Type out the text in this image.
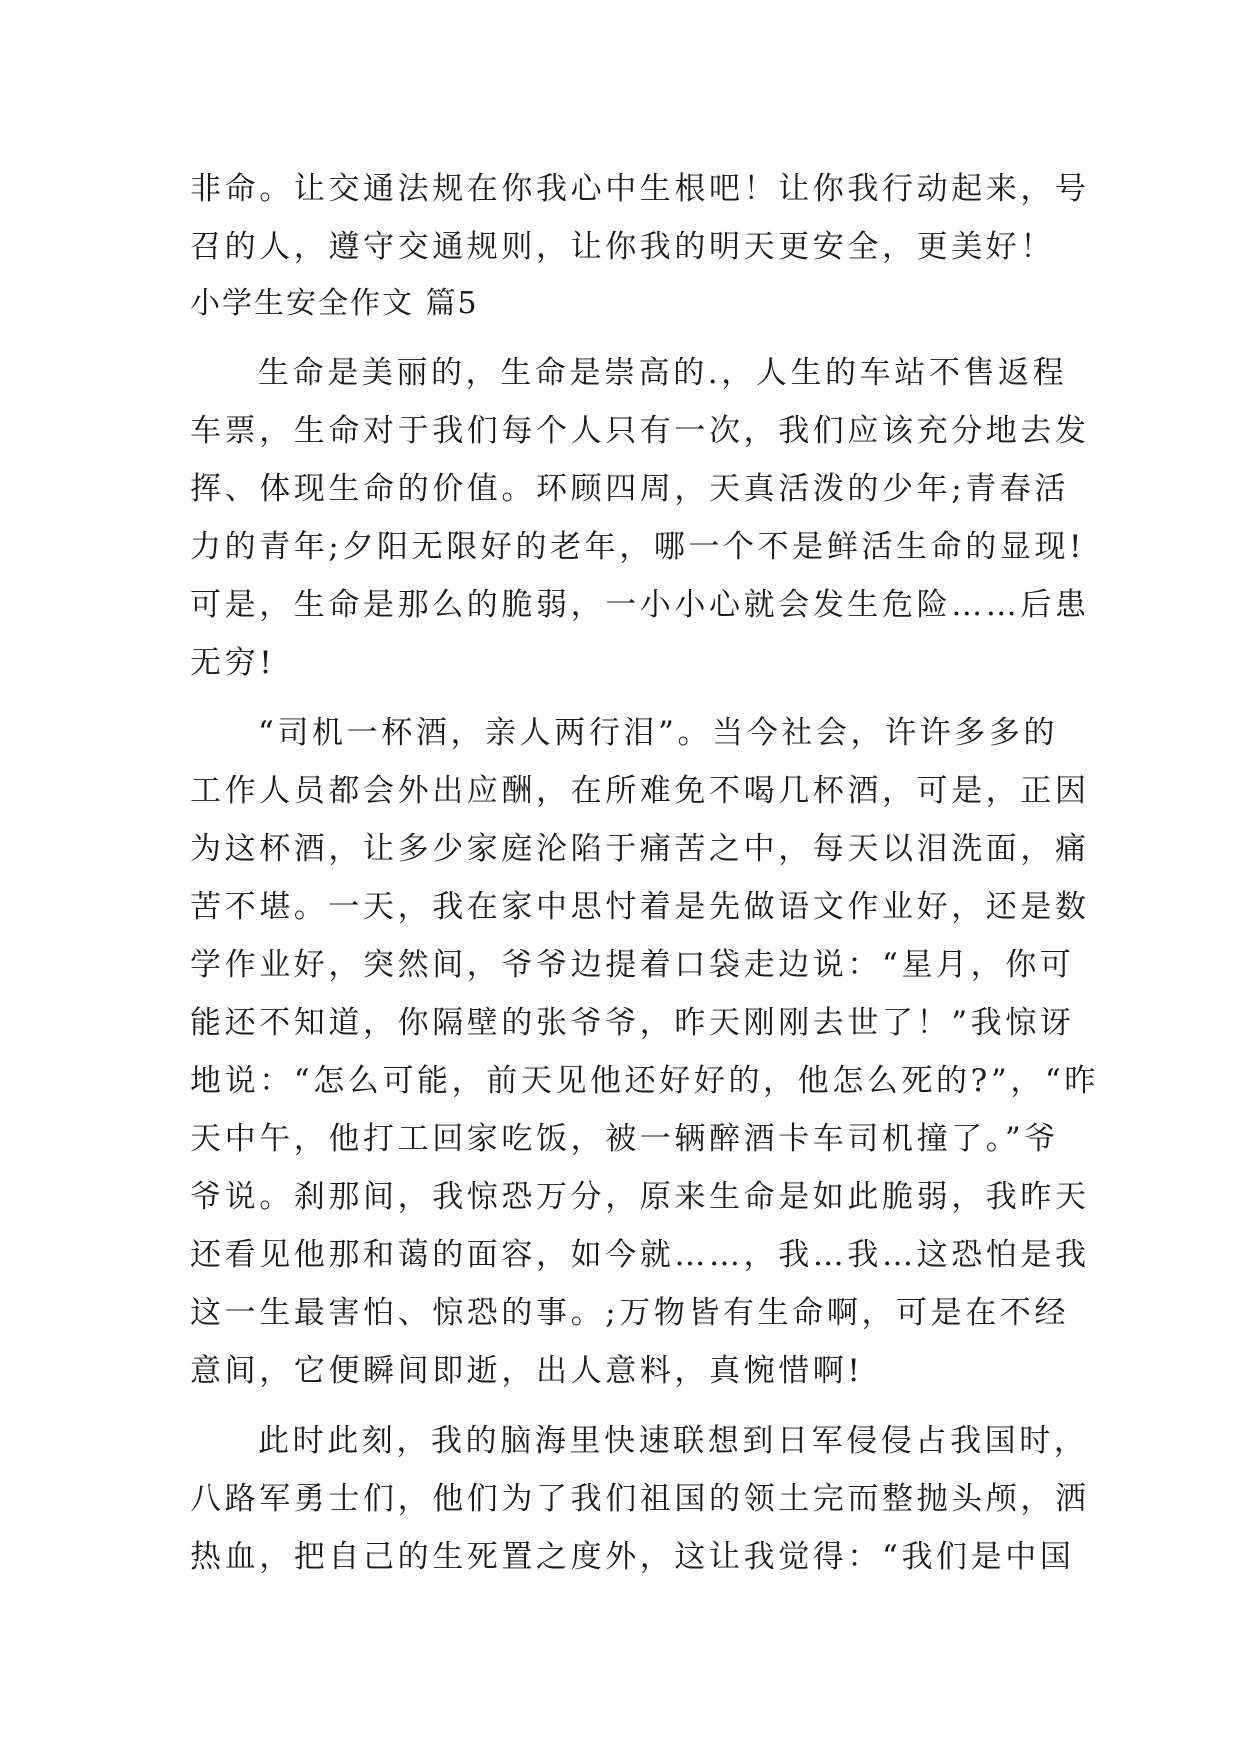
非命。让交通法规在你我心中生根吧！让你我行动起来，号
召的人，遵守交通规则，让你我的明天更安全，更美好！
小学生安全作文 篇5
生命是美丽的，生命是崇高的.，人生的车站不售返程
车票，生命对于我们每个人只有一次，我们应该充分地去发
挥、体现生命的价值。环顾四周，天真活泼的少年;青春活
力的青年;夕阳无限好的老年，哪一个不是鲜活生命的显现!
可是，生命是那么的脆弱，一小小心就会发生危险……后患
无穷!
“司机一杯酒，亲人两行泪”。当今社会，许许多多的
工作人员都会外出应酬，在所难免不喝几杯酒，可是，正因
为这杯酒，让多少家庭沦陷于痛苦之中，每天以泪洗面，痛
苦不堪。一天，我在家中思忖着是先做语文作业好，还是数
学作业好，突然间，爷爷边提着口袋走边说：“星月，你可
能还不知道，你隔壁的张爷爷，昨天刚刚去世了！”我惊讶
地说：“怎么可能，前天见他还好好的，他怎么死的?”，“昨
天中午，他打工回家吃饭，被一辆醉酒卡车司机撞了。”爷
爷说。刹那间，我惊恐万分，原来生命是如此脆弱，我昨天
还看见他那和蔼的面容，如今就……，我…我…这恐怕是我
这一生最害怕、惊恐的事。;万物皆有生命啊，可是在不经
意间，它便瞬间即逝，出人意料，真惋惜啊!
此时此刻，我的脑海里快速联想到日军侵侵占我国时，
八路军勇士们，他们为了我们祖国的领土完而整抛头颅，洒
热血，把自己的生死置之度外，这让我觉得：“我们是中国
